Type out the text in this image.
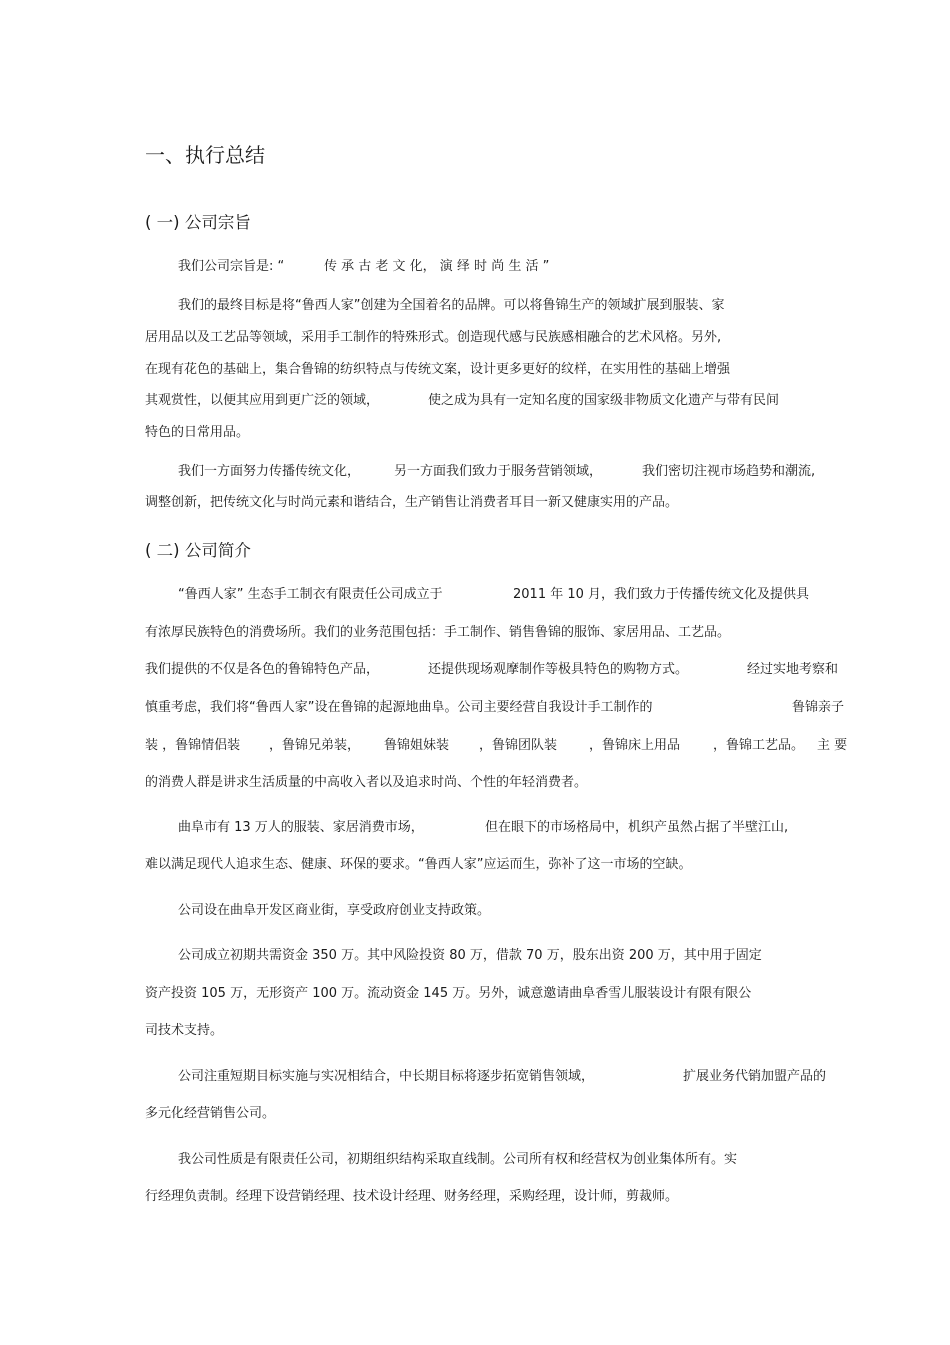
一、执行总结
( 一) 公司宗旨
我们公司宗旨是: “	传 承 古 老 文 化， 演 绎 时 尚 生 活 ”
我们的最终目标是将“鲁西人家”创建为全国着名的品牌。可以将鲁锦生产的领域扩展到服装、家
居用品以及工艺品等领域，采用手工制作的特殊形式。创造现代感与民族感相融合的艺术风格。另外,
在现有花色的基础上，集合鲁锦的纺织特点与传统文案，设计更多更好的纹样，在实用性的基础上增强
其观赏性，以便其应用到更广泛的领域，	使之成为具有一定知名度的国家级非物质文化遗产与带有民间
特色的日常用品。
我们一方面努力传播传统文化，	另一方面我们致力于服务营销领域，	我们密切注视市场趋势和潮流,
调整创新，把传统文化与时尚元素和谐结合，生产销售让消费者耳目一新又健康实用的产品。
( 二) 公司简介
“鲁西人家” 生态手工制衣有限责任公司成立于	2011 年 10 月，我们致力于传播传统文化及提供具
有浓厚民族特色的消费场所。我们的业务范围包括：手工制作、销售鲁锦的服饰、家居用品、工艺品。
我们提供的不仅是各色的鲁锦特色产品，	还提供现场观摩制作等极具特色的购物方式。	经过实地考察和
慎重考虑，我们将“鲁西人家”设在鲁锦的起源地曲阜。公司主要经营自我设计手工制作的	鲁锦亲子
装 ，鲁锦情侣装 ，鲁锦兄弟装， 鲁锦姐妹装 ，鲁锦团队装 ，鲁锦床上用品	，鲁锦工艺品。 主 要
的消费人群是讲求生活质量的中高收入者以及追求时尚、个性的年轻消费者。
曲阜市有 13 万人的服装、家居消费市场，	但在眼下的市场格局中，机织产虽然占据了半壁江山,
难以满足现代人追求生态、健康、环保的要求。“鲁西人家”应运而生，弥补了这一市场的空缺。
公司设在曲阜开发区商业街，享受政府创业支持政策。
公司成立初期共需资金 350 万。其中风险投资 80 万，借款 70 万，股东出资 200 万，其中用于固定
资产投资 105 万，无形资产 100 万。流动资金 145 万。另外，诚意邀请曲阜香雪儿服装设计有限有限公
司技术支持。
公司注重短期目标实施与实况相结合，中长期目标将逐步拓宽销售领域，	扩展业务代销加盟产品的
多元化经营销售公司。
我公司性质是有限责任公司，初期组织结构采取直线制。公司所有权和经营权为创业集体所有。实
行经理负责制。经理下设营销经理、技术设计经理、财务经理，采购经理，设计师，剪裁师。
